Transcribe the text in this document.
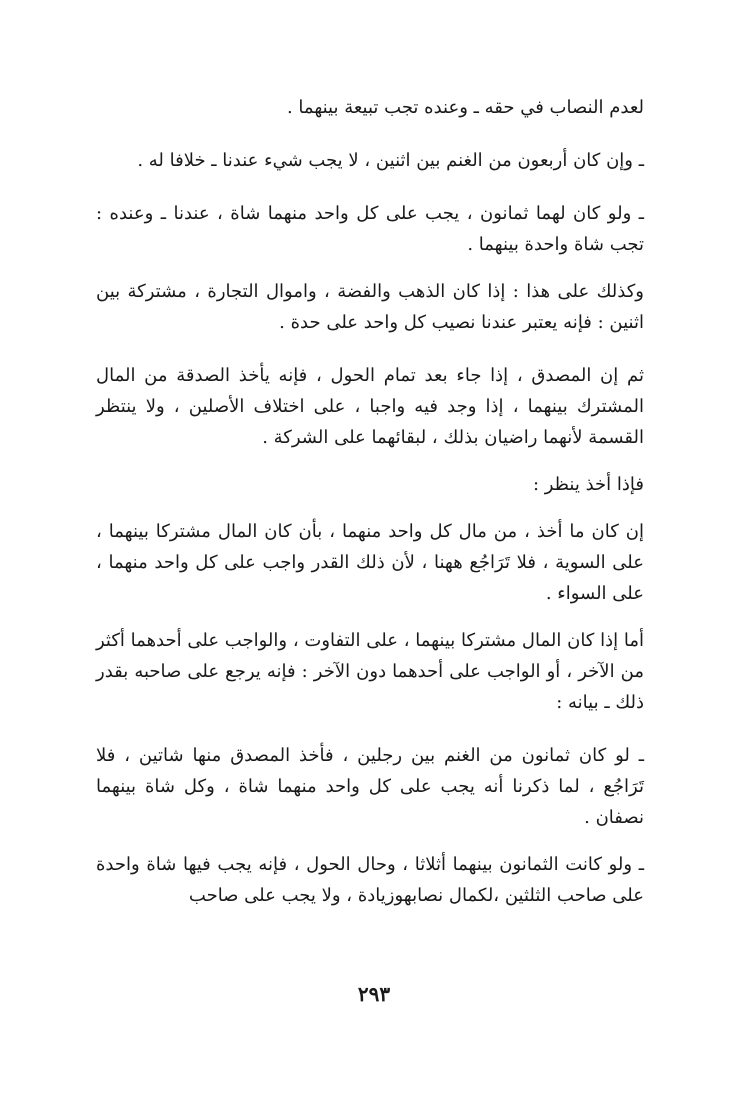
لعدم النصاب في حقه ـ وعنده تجب تبيعة بينهما .

ـ وإن كان أربعون من الغنم بين اثنين ، لا يجب شيء عندنا ـ خلافا له .

ـ ولو كان لهما ثمانون ، يجب على كل واحد منهما شاة ، عندنا ـ وعنده : تجب شاة واحدة بينهما .

وكذلك على هذا : إذا كان الذهب والفضة ، واموال التجارة ، مشتركة بين اثنين : فإنه يعتبر عندنا نصيب كل واحد على حدة .

ثم إن المصدق ، إذا جاء بعد تمام الحول ، فإنه يأخذ الصدقة من المال المشترك بينهما ، إذا وجد فيه واجبا ، على اختلاف الأصلين ، ولا ينتظر القسمة لأنهما راضيان بذلك ، لبقائهما على الشركة .

فإذا أخذ ينظر :

إن كان ما أخذ ، من مال كل واحد منهما ، بأن كان المال مشتركا بينهما ، على السوية ، فلا تَرَاجُع ههنا ، لأن ذلك القدر واجب على كل واحد منهما ، على السواء .

أما إذا كان المال مشتركا بينهما ، على التفاوت ، والواجب على أحدهما أكثر من الآخر ، أو الواجب على أحدهما دون الآخر : فإنه يرجع على صاحبه بقدر ذلك ـ بيانه :

ـ لو كان ثمانون من الغنم بين رجلين ، فأخذ المصدق منها شاتين ، فلا تَرَاجُع ، لما ذكرنا أنه يجب على كل واحد منهما شاة ، وكل شاة بينهما نصفان .

ـ ولو كانت الثمانون بينهما أثلاثا ، وحال الحول ، فإنه يجب فيها شاة واحدة على صاحب الثلثين ،لكمال نصابهوزيادة ، ولا يجب على صاحب

٢٩٣
